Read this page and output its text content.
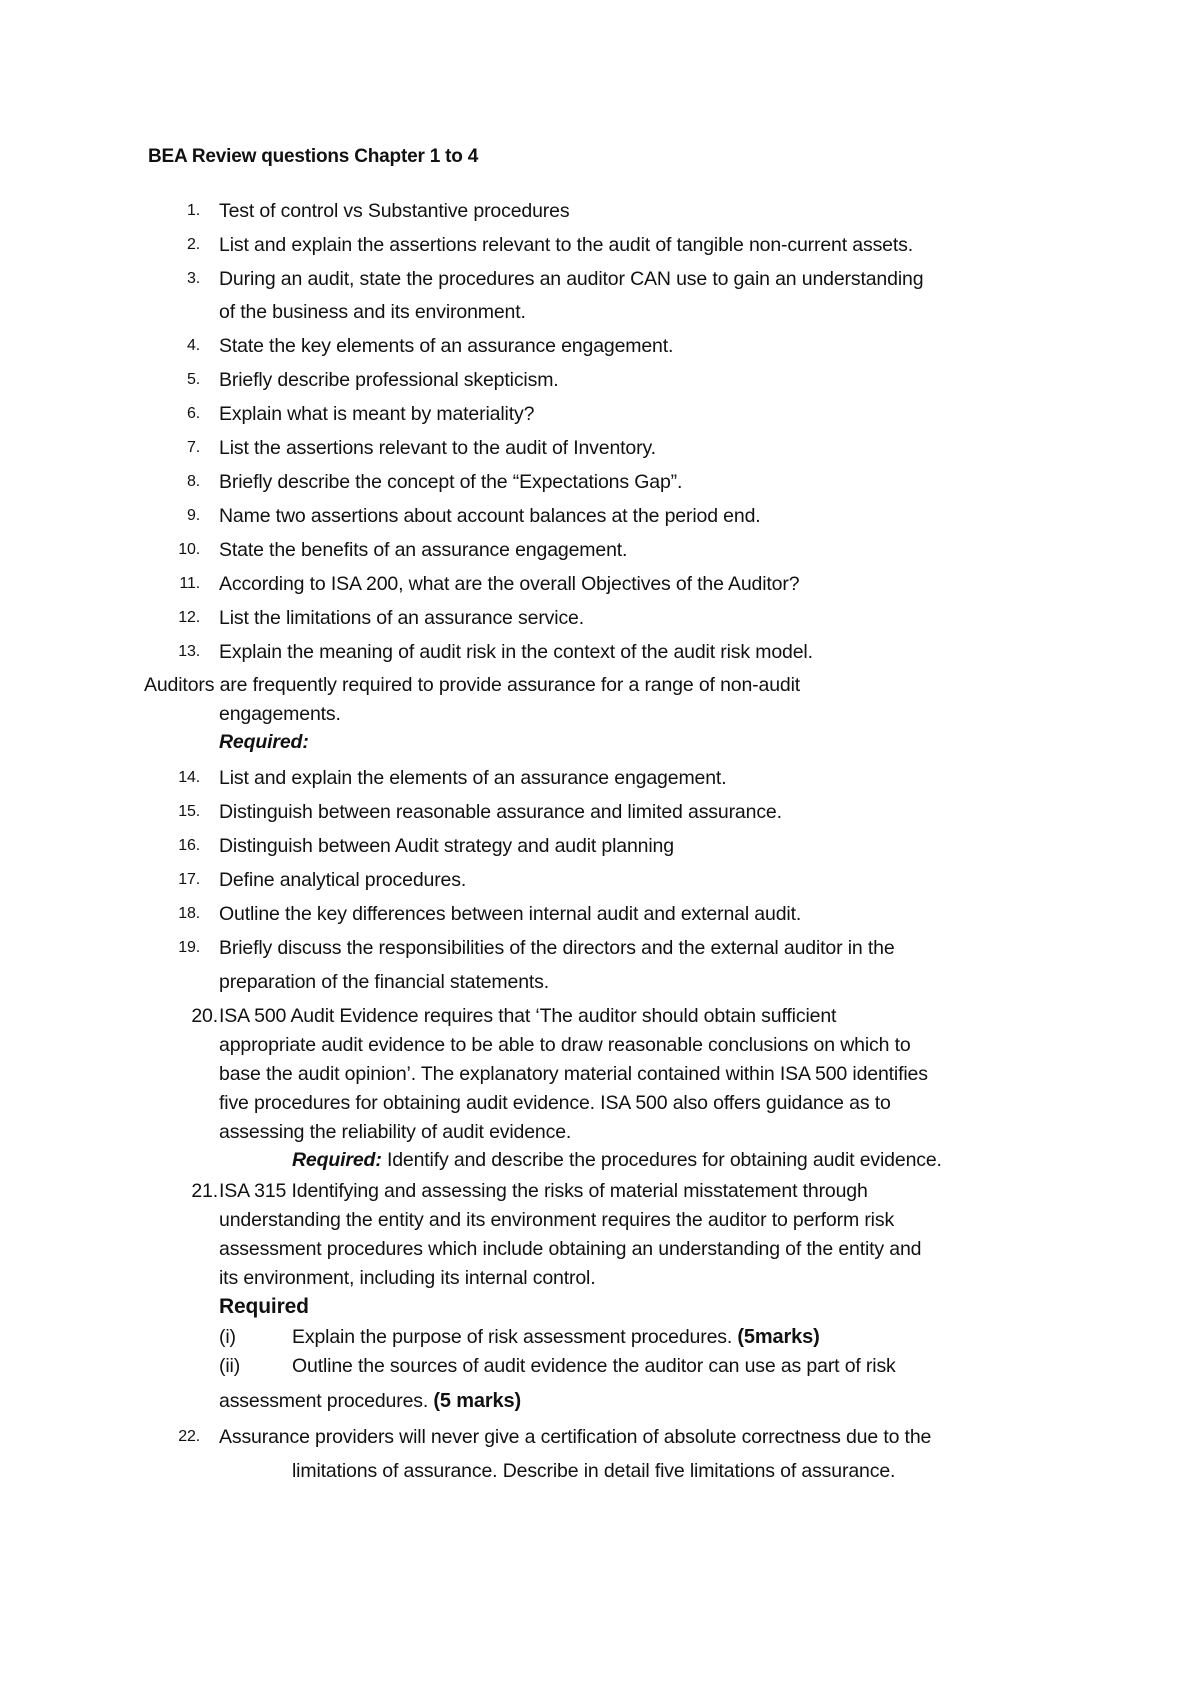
BEA Review questions Chapter 1 to 4
1. Test of control vs Substantive procedures
2. List and explain the assertions relevant to the audit of tangible non-current assets.
3. During an audit, state the procedures an auditor CAN use to gain an understanding
of the business and its environment.
4. State the key elements of an assurance engagement.
5. Briefly describe professional skepticism.
6. Explain what is meant by materiality?
7. List the assertions relevant to the audit of Inventory.
8. Briefly describe the concept of the “Expectations Gap”.
9. Name two assertions about account balances at the period end.
10. State the benefits of an assurance engagement.
11. According to ISA 200, what are the overall Objectives of the Auditor?
12. List the limitations of an assurance service.
13. Explain the meaning of audit risk in the context of the audit risk model.
Auditors are frequently required to provide assurance for a range of non-audit
engagements.
Required:
14. List and explain the elements of an assurance engagement.
15. Distinguish between reasonable assurance and limited assurance.
16. Distinguish between Audit strategy and audit planning
17. Define analytical procedures.
18. Outline the key differences between internal audit and external audit.
19. Briefly discuss the responsibilities of the directors and the external auditor in the
preparation of the financial statements.
20. ISA 500 Audit Evidence requires that ‘The auditor should obtain sufficient
appropriate audit evidence to be able to draw reasonable conclusions on which to
base the audit opinion’. The explanatory material contained within ISA 500 identifies
five procedures for obtaining audit evidence. ISA 500 also offers guidance as to
assessing the reliability of audit evidence.
Required: Identify and describe the procedures for obtaining audit evidence.
21. ISA 315 Identifying and assessing the risks of material misstatement through
understanding the entity and its environment requires the auditor to perform risk
assessment procedures which include obtaining an understanding of the entity and
its environment, including its internal control.
Required
(i)	Explain the purpose of risk assessment procedures. (5marks)
(ii)	Outline the sources of audit evidence the auditor can use as part of risk
assessment procedures. (5 marks)
22. Assurance providers will never give a certification of absolute correctness due to the
limitations of assurance. Describe in detail five limitations of assurance.
